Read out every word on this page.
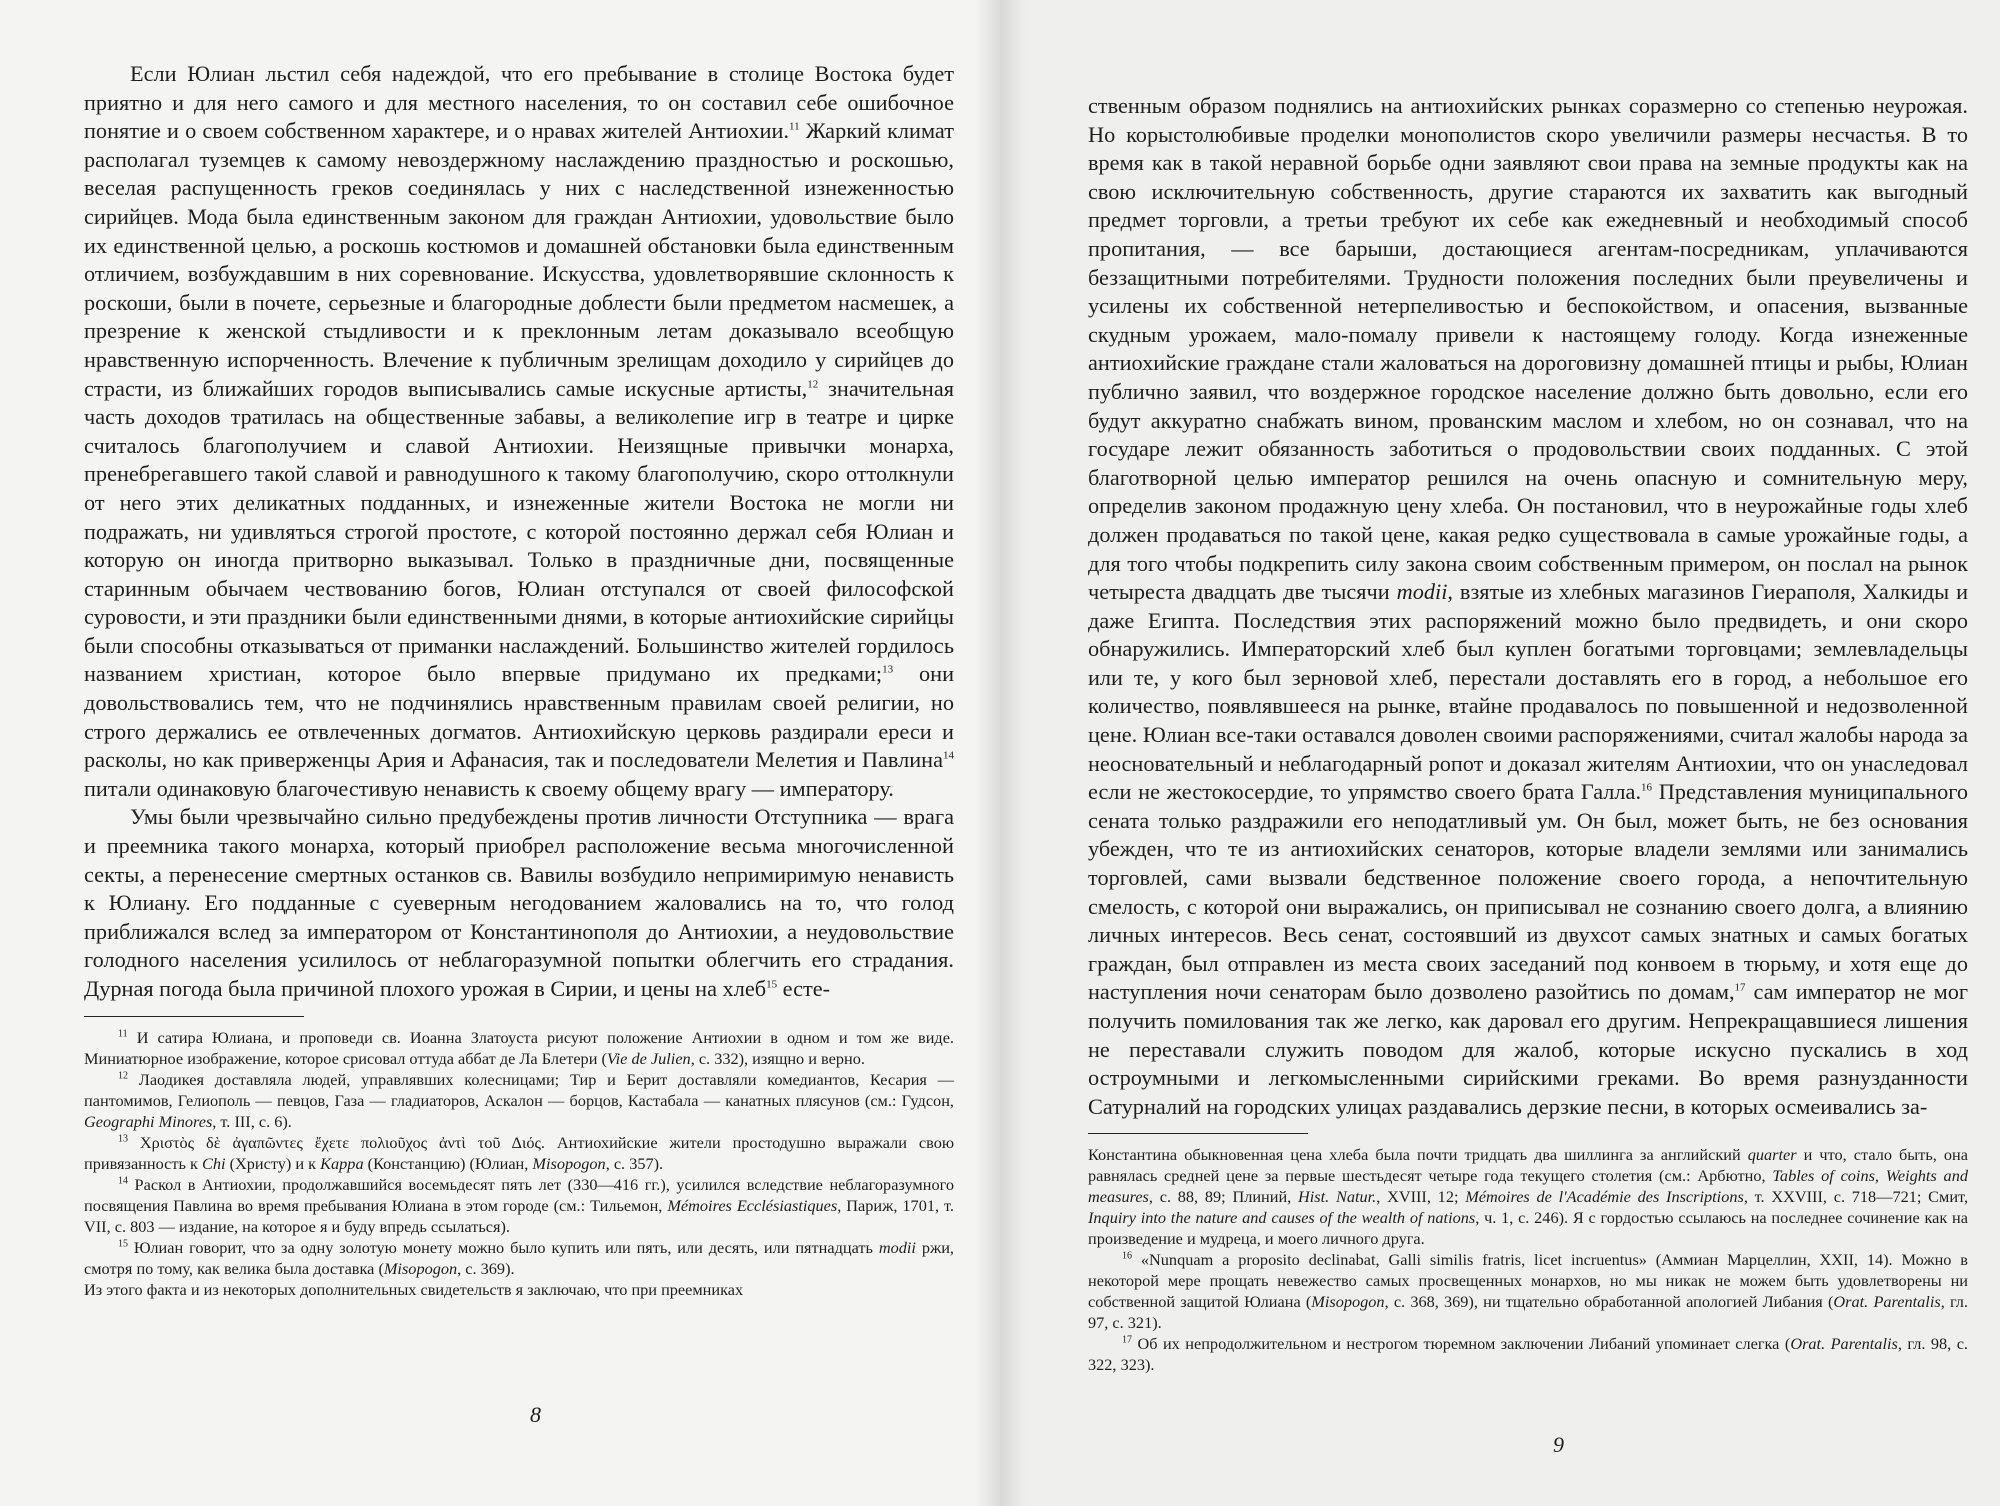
Если Юлиан льстил себя надеждой, что его пребывание в столице Востока будет приятно и для него самого и для местного населения, то он составил себе ошибочное понятие и о своем собственном характере, и о нравах жителей Антиохии.$^{11}$ Жаркий климат располагал туземцев к самому невоздержному наслаждению праздностью и роскошью, веселая распущенность греков соединялась у них с наследственной изнеженностью сирийцев. Мода была единственным законом для граждан Антиохии, удовольствие было их единственной целью, а роскошь костюмов и домашней обстановки была единственным отличием, возбуждавшим в них соревнование. Искусства, удовлетворявшие склонность к роскоши, были в почете, серьезные и благородные доблести были предметом насмешек, а презрение к женской стыдливости и к преклонным летам доказывало всеобщую нравственную испорченность. Влечение к публичным зрелищам доходило у сирийцев до страсти, из ближайших городов выписывались самые искусные артисты,$^{12}$ значительная часть доходов тратилась на общественные забавы, а великолепие игр в театре и цирке считалось благополучием и славой Антиохии. Неизящные привычки монарха, пренебрегавшего такой славой и равнодушного к такому благополучию, скоро оттолкнули от него этих деликатных подданных, и изнеженные жители Востока не могли ни подражать, ни удивляться строгой простоте, с которой постоянно держал себя Юлиан и которую он иногда притворно выказывал. Только в праздничные дни, посвященные старинным обычаем чествованию богов, Юлиан отступался от своей философской суровости, и эти праздники были единственными днями, в которые антиохийские сирийцы были способны отказываться от приманки наслаждений. Большинство жителей гордилось названием христиан, которое было впервые придумано их предками;$^{13}$ они довольствовались тем, что не подчинялись нравственным правилам своей религии, но строго держались ее отвлеченных догматов. Антиохийскую церковь раздирали ереси и расколы, но как приверженцы Ария и Афанасия, так и последователи Мелетия и Павлина$^{14}$ питали одинаковую благочестивую ненависть к своему общему врагу — императору.

Умы были чрезвычайно сильно предубеждены против личности Отступника — врага и преемника такого монарха, который приобрел расположение весьма многочисленной секты, а перенесение смертных останков св. Вавилы возбудило непримиримую ненависть к Юлиану. Его подданные с суеверным негодованием жаловались на то, что голод приближался вслед за императором от Константинополя до Антиохии, а неудовольствие голодного населения усилилось от неблагоразумной попытки облегчить его страдания. Дурная погода была причиной плохого урожая в Сирии, и цены на хлеб$^{15}$ есте-

$^{11}$ И сатира Юлиана, и проповеди св. Иоанна Златоуста рисуют положение Антиохии в одном и том же виде. Миниатюрное изображение, которое срисовал оттуда аббат де Ла Блетери (Vie de Julien, с. 332), изящно и верно.

$^{12}$ Лаодикея доставляла людей, управлявших колесницами; Тир и Берит доставляли комедиантов, Кесария — пантомимов, Гелиополь — певцов, Газа — гладиаторов, Аскалон — борцов, Кастабала — канатных плясунов (см.: Гудсон, Geographi Minores, т. III, с. 6).

$^{13}$ Χριστὸς δὲ ἀγαπῶντες ἔχετε πολιοῦχος ἀντὶ τοῦ Διός. Антиохийские жители простодушно выражали свою привязанность к Chi (Христу) и к Kappa (Констанцию) (Юлиан, Misopogon, с. 357).

$^{14}$ Раскол в Антиохии, продолжавшийся восемьдесят пять лет (330—416 гг.), усилился вследствие неблагоразумного посвящения Павлина во время пребывания Юлиана в этом городе (см.: Тильемон, Mémoires Ecclésiastiques, Париж, 1701, т. VII, с. 803 — издание, на которое я и буду впредь ссылаться).

$^{15}$ Юлиан говорит, что за одну золотую монету можно было купить или пять, или десять, или пятнадцать modii ржи, смотря по тому, как велика была доставка (Misopogon, с. 369).

Из этого факта и из некоторых дополнительных свидетельств я заключаю, что при преемниках

8

ственным образом поднялись на антиохийских рынках соразмерно со степенью неурожая. Но корыстолюбивые проделки монополистов скоро увеличили размеры несчастья. В то время как в такой неравной борьбе одни заявляют свои права на земные продукты как на свою исключительную собственность, другие стараются их захватить как выгодный предмет торговли, а третьи требуют их себе как ежедневный и необходимый способ пропитания, — все барыши, достающиеся агентам-посредникам, уплачиваются беззащитными потребителями. Трудности положения последних были преувеличены и усилены их собственной нетерпеливостью и беспокойством, и опасения, вызванные скудным урожаем, мало-помалу привели к настоящему голоду. Когда изнеженные антиохийские граждане стали жаловаться на дороговизну домашней птицы и рыбы, Юлиан публично заявил, что воздержное городское население должно быть довольно, если его будут аккуратно снабжать вином, прованским маслом и хлебом, но он сознавал, что на государе лежит обязанность заботиться о продовольствии своих подданных. С этой благотворной целью император решился на очень опасную и сомнительную меру, определив законом продажную цену хлеба. Он постановил, что в неурожайные годы хлеб должен продаваться по такой цене, какая редко существовала в самые урожайные годы, а для того чтобы подкрепить силу закона своим собственным примером, он послал на рынок четыреста двадцать две тысячи modii, взятые из хлебных магазинов Гиераполя, Халкиды и даже Египта. Последствия этих распоряжений можно было предвидеть, и они скоро обнаружились. Императорский хлеб был куплен богатыми торговцами; землевладельцы или те, у кого был зерновой хлеб, перестали доставлять его в город, а небольшое его количество, появлявшееся на рынке, втайне продавалось по повышенной и недозволенной цене. Юлиан все-таки оставался доволен своими распоряжениями, считал жалобы народа за неосновательный и неблагодарный ропот и доказал жителям Антиохии, что он унаследовал если не жестокосердие, то упрямство своего брата Галла.$^{16}$ Представления муниципального сената только раздражили его неподатливый ум. Он был, может быть, не без основания убежден, что те из антиохийских сенаторов, которые владели землями или занимались торговлей, сами вызвали бедственное положение своего города, а непочтительную смелость, с которой они выражались, он приписывал не сознанию своего долга, а влиянию личных интересов. Весь сенат, состоявший из двухсот самых знатных и самых богатых граждан, был отправлен из места своих заседаний под конвоем в тюрьму, и хотя еще до наступления ночи сенаторам было дозволено разойтись по домам,$^{17}$ сам император не мог получить помилования так же легко, как даровал его другим. Непрекращавшиеся лишения не переставали служить поводом для жалоб, которые искусно пускались в ход остроумными и легкомысленными сирийскими греками. Во время разнузданности Сатурналий на городских улицах раздавались дерзкие песни, в которых осмеивались за-

Константина обыкновенная цена хлеба была почти тридцать два шиллинга за английский quarter и что, стало быть, она равнялась средней цене за первые шестьдесят четыре года текущего столетия (см.: Арбютно, Tables of coins, Weights and measures, с. 88, 89; Плиний, Hist. Natur., XVIII, 12; Mémoires de l'Académie des Inscriptions, т. XXVIII, с. 718—721; Смит, Inquiry into the nature and causes of the wealth of nations, ч. 1, с. 246). Я с гордостью ссылаюсь на последнее сочинение как на произведение и мудреца, и моего личного друга.

$^{16}$ «Nunquam a proposito declinabat, Galli similis fratris, licet incruentus» (Аммиан Марцеллин, XXII, 14). Можно в некоторой мере прощать невежество самых просвещенных монархов, но мы никак не можем быть удовлетворены ни собственной защитой Юлиана (Misopogon, с. 368, 369), ни тщательно обработанной апологией Либания (Orat. Parentalis, гл. 97, с. 321).

$^{17}$ Об их непродолжительном и нестрогом тюремном заключении Либаний упоминает слегка (Orat. Parentalis, гл. 98, с. 322, 323).

9
